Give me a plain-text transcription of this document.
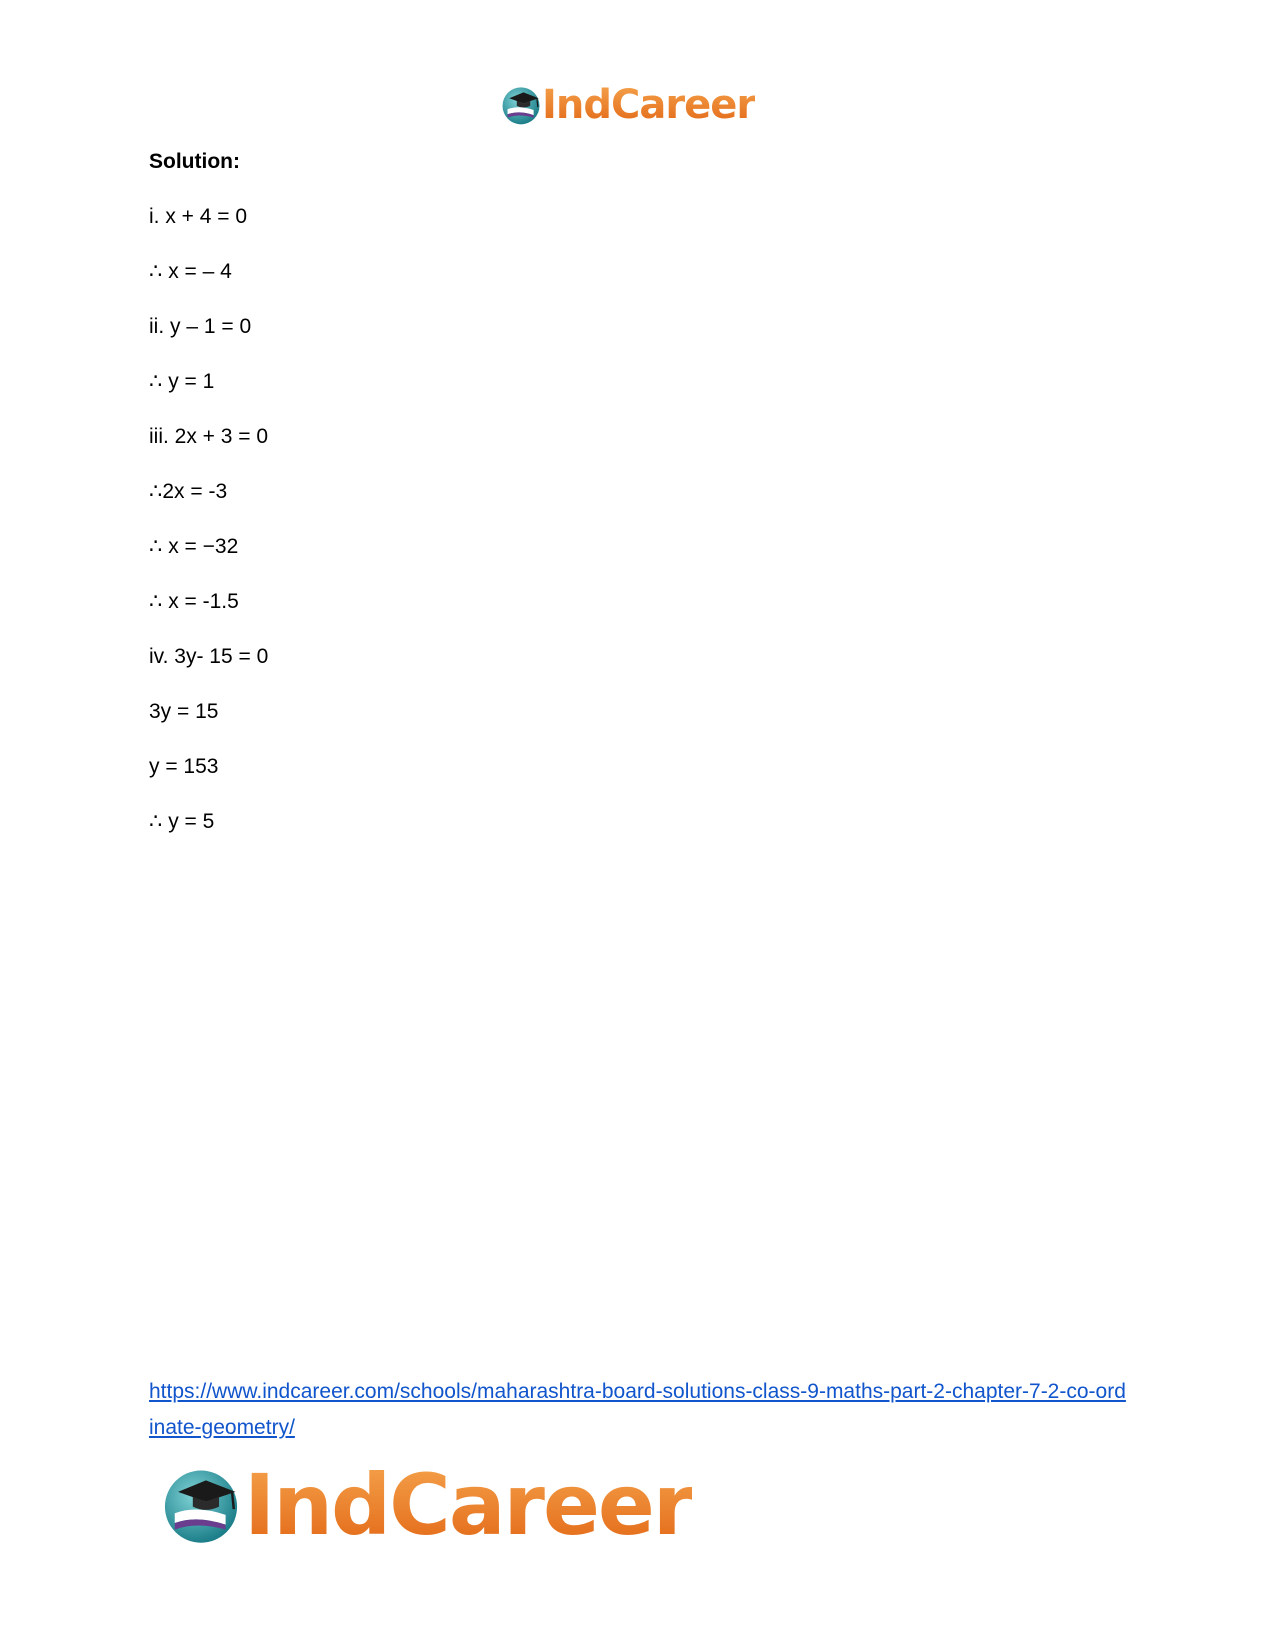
IndCareer
Solution:
i. x + 4 = 0
∴ x = – 4
ii. y – 1 = 0
∴ y = 1
iii. 2x + 3 = 0
∴2x = -3
∴ x = −32
∴ x = -1.5
iv. 3y- 15 = 0
3y = 15
y = 153
∴ y = 5
https://www.indcareer.com/schools/maharashtra-board-solutions-class-9-maths-part-2-chapter-7-2-co-ordinate-geometry/
IndCareer
